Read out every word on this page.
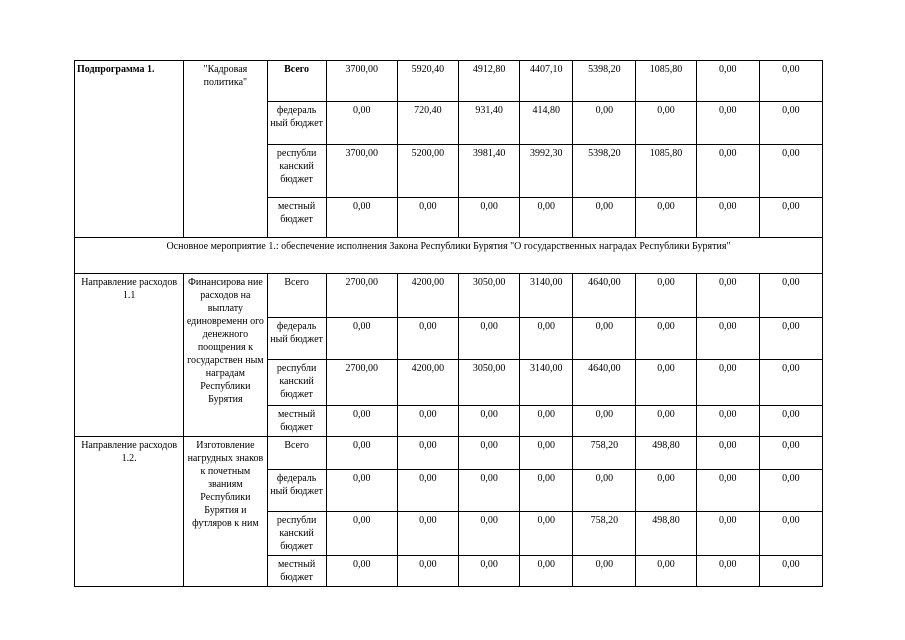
Подпрограмма 1.	"Кадровая политика"	Всего	3700,00	5920,40	4912,80	4407,10	5398,20	1085,80	0,00	0,00
		федераль ный бюджет	0,00	720,40	931,40	414,80	0,00	0,00	0,00	0,00
		республи канский бюджет	3700,00	5200,00	3981,40	3992,30	5398,20	1085,80	0,00	0,00
		местный бюджет	0,00	0,00	0,00	0,00	0,00	0,00	0,00	0,00
Основное мероприятие 1.: обеспечение исполнения Закона Республики Бурятия "О государственных наградах Республики Бурятия"										
Направление расходов 1.1	Финансирова ние расходов на выплату единовременн ого денежного поощрения к государствен ным наградам Республики Бурятия	Всего	2700,00	4200,00	3050,00	3140,00	4640,00	0,00	0,00	0,00
		федераль ный бюджет	0,00	0,00	0,00	0,00	0,00	0,00	0,00	0,00
		республи канский бюджет	2700,00	4200,00	3050,00	3140,00	4640,00	0,00	0,00	0,00
		местный бюджет	0,00	0,00	0,00	0,00	0,00	0,00	0,00	0,00
Направление расходов 1.2.	Изготовление нагрудных знаков к почетным званиям Республики Бурятия и футляров к ним	Всего	0,00	0,00	0,00	0,00	758,20	498,80	0,00	0,00
		федераль ный бюджет	0,00	0,00	0,00	0,00	0,00	0,00	0,00	0,00
		республи канский бюджет	0,00	0,00	0,00	0,00	758,20	498,80	0,00	0,00
		местный бюджет	0,00	0,00	0,00	0,00	0,00	0,00	0,00	0,00
